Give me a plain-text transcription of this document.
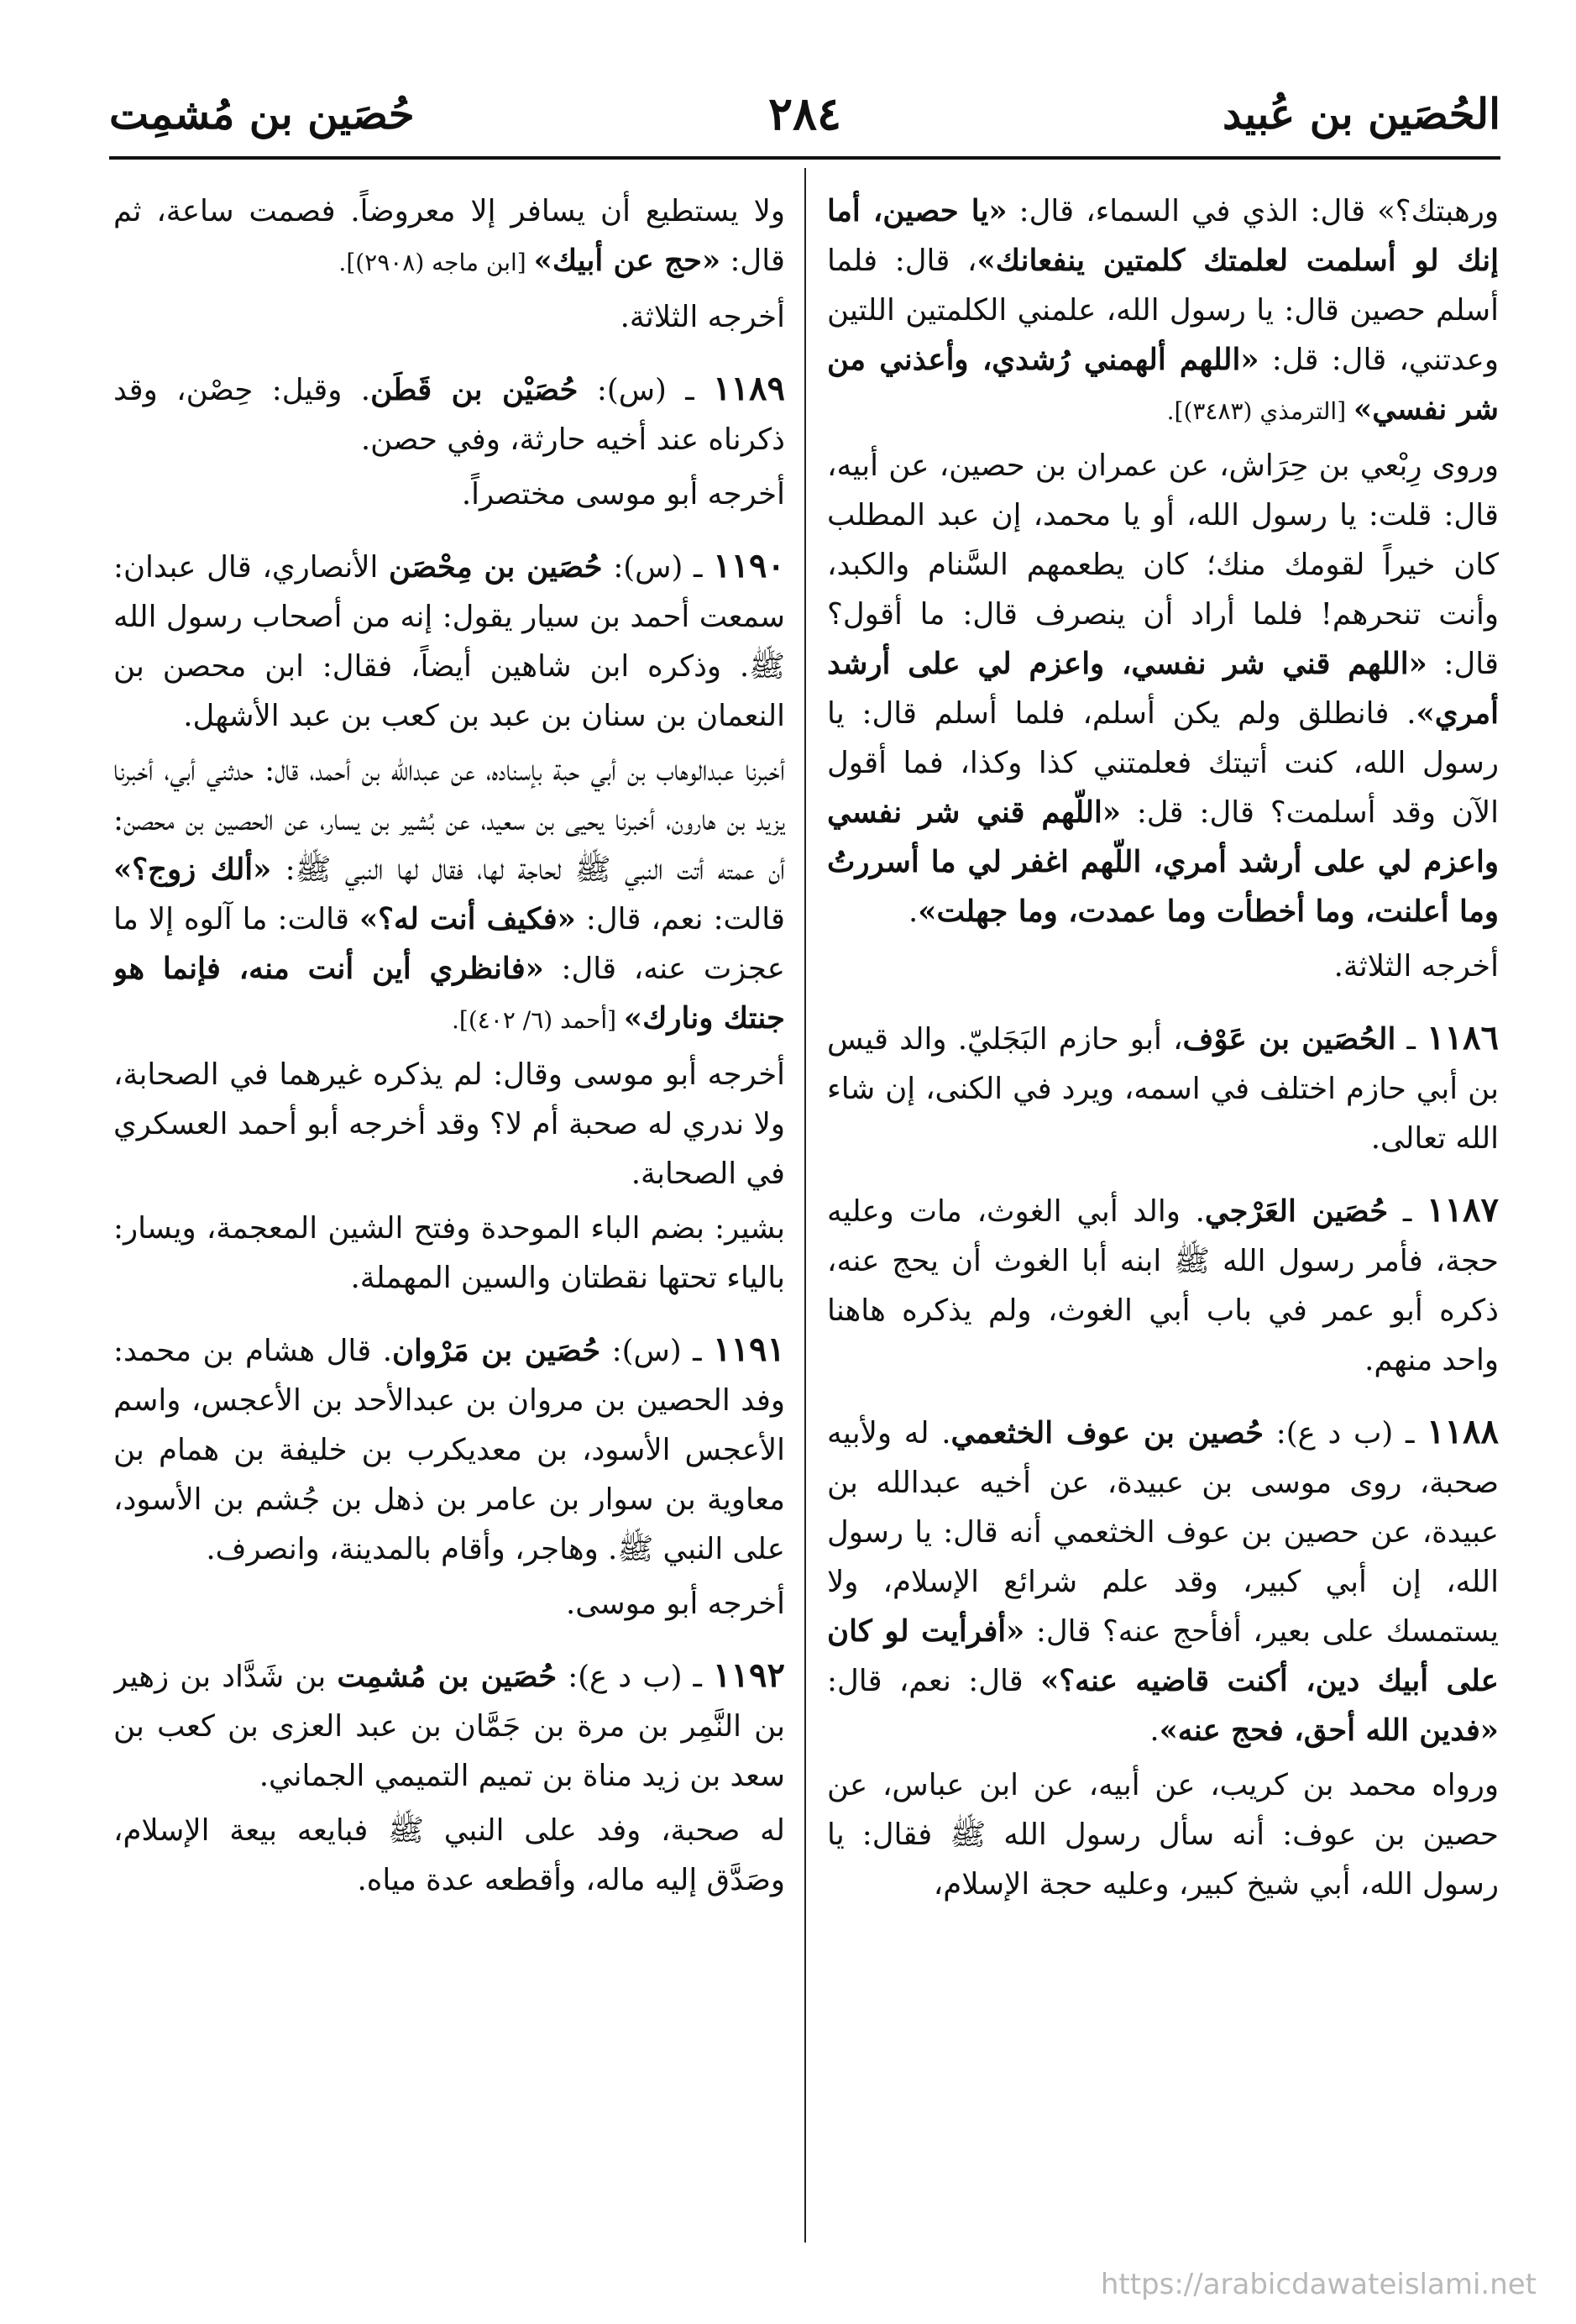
الحُصَين بن عُبيد
٢٨٤
حُصَين بن مُشمِت

ورهبتك؟» قال: الذي في السماء، قال: «يا حصين، أما إنك لو أسلمت لعلمتك كلمتين ينفعانك»، قال: فلما أسلم حصين قال: يا رسول الله، علمني الكلمتين اللتين وعدتني، قال: قل: «اللهم ألهمني رُشدي، وأعذني من شر نفسي» [الترمذي (٣٤٨٣)].

وروى رِبْعي بن حِرَاش، عن عمران بن حصين، عن أبيه، قال: قلت: يا رسول الله، أو يا محمد، إن عبد المطلب كان خيراً لقومك منك؛ كان يطعمهم السَّنام والكبد، وأنت تنحرهم! فلما أراد أن ينصرف قال: ما أقول؟ قال: «اللهم قني شر نفسي، واعزم لي على أرشد أمري». فانطلق ولم يكن أسلم، فلما أسلم قال: يا رسول الله، كنت أتيتك فعلمتني كذا وكذا، فما أقول الآن وقد أسلمت؟ قال: قل: «اللّهم قني شر نفسي واعزم لي على أرشد أمري، اللّهم اغفر لي ما أسررتُ وما أعلنت، وما أخطأت وما عمدت، وما جهلت».

أخرجه الثلاثة.

١١٨٦ ـ الحُصَين بن عَوْف، أبو حازم البَجَليّ. والد قيس بن أبي حازم اختلف في اسمه، ويرد في الكنى، إن شاء الله تعالى.

١١٨٧ ـ حُصَين العَرْجي. والد أبي الغوث، مات وعليه حجة، فأمر رسول الله ﷺ ابنه أبا الغوث أن يحج عنه، ذكره أبو عمر في باب أبي الغوث، ولم يذكره هاهنا واحد منهم.

١١٨٨ ـ (ب د ع): حُصين بن عوف الخثعمي. له ولأبيه صحبة، روى موسى بن عبيدة، عن أخيه عبدالله بن عبيدة، عن حصين بن عوف الخثعمي أنه قال: يا رسول الله، إن أبي كبير، وقد علم شرائع الإسلام، ولا يستمسك على بعير، أفأحج عنه؟ قال: «أفرأيت لو كان على أبيك دين، أكنت قاضيه عنه؟» قال: نعم، قال: «فدين الله أحق، فحج عنه».

ورواه محمد بن كريب، عن أبيه، عن ابن عباس، عن حصين بن عوف: أنه سأل رسول الله ﷺ فقال: يا رسول الله، أبي شيخ كبير، وعليه حجة الإسلام،

ولا يستطيع أن يسافر إلا معروضاً. فصمت ساعة، ثم قال: «حج عن أبيك» [ابن ماجه (٢٩٠٨)].

أخرجه الثلاثة.

١١٨٩ ـ (س): حُصَيْن بن قَطَن. وقيل: حِصْن، وقد ذكرناه عند أخيه حارثة، وفي حصن.

أخرجه أبو موسى مختصراً.

١١٩٠ ـ (س): حُصَين بن مِحْصَن الأنصاري، قال عبدان: سمعت أحمد بن سيار يقول: إنه من أصحاب رسول الله ﷺ. وذكره ابن شاهين أيضاً، فقال: ابن محصن بن النعمان بن سنان بن عبد بن كعب بن عبد الأشهل.

أخبرنا عبدالوهاب بن أبي حبة بإسناده، عن عبدالله بن أحمد، قال: حدثني أبي، أخبرنا يزيد بن هارون، أخبرنا يحيى بن سعيد، عن بُشير بن يسار، عن الحصين بن محصن: أن عمته أتت النبي ﷺ لحاجة لها، فقال لها النبي ﷺ: «ألك زوج؟» قالت: نعم، قال: «فكيف أنت له؟» قالت: ما آلوه إلا ما عجزت عنه، قال: «فانظري أين أنت منه، فإنما هو جنتك ونارك» [أحمد (٦/ ٤٠٢)].

أخرجه أبو موسى وقال: لم يذكره غيرهما في الصحابة، ولا ندري له صحبة أم لا؟ وقد أخرجه أبو أحمد العسكري في الصحابة.

بشير: بضم الباء الموحدة وفتح الشين المعجمة، ويسار: بالياء تحتها نقطتان والسين المهملة.

١١٩١ ـ (س): حُصَين بن مَرْوان. قال هشام بن محمد: وفد الحصين بن مروان بن عبدالأحد بن الأعجس، واسم الأعجس الأسود، بن معديكرب بن خليفة بن همام بن معاوية بن سوار بن عامر بن ذهل بن جُشم بن الأسود، على النبي ﷺ. وهاجر، وأقام بالمدينة، وانصرف.

أخرجه أبو موسى.

١١٩٢ ـ (ب د ع): حُصَين بن مُشمِت بن شَدَّاد بن زهير بن النَّمِر بن مرة بن جَمَّان بن عبد العزى بن كعب بن سعد بن زيد مناة بن تميم التميمي الجماني.

له صحبة، وفد على النبي ﷺ فبايعه بيعة الإسلام، وصَدَّق إليه ماله، وأقطعه عدة مياه.

https://arabicdawateislami.net
